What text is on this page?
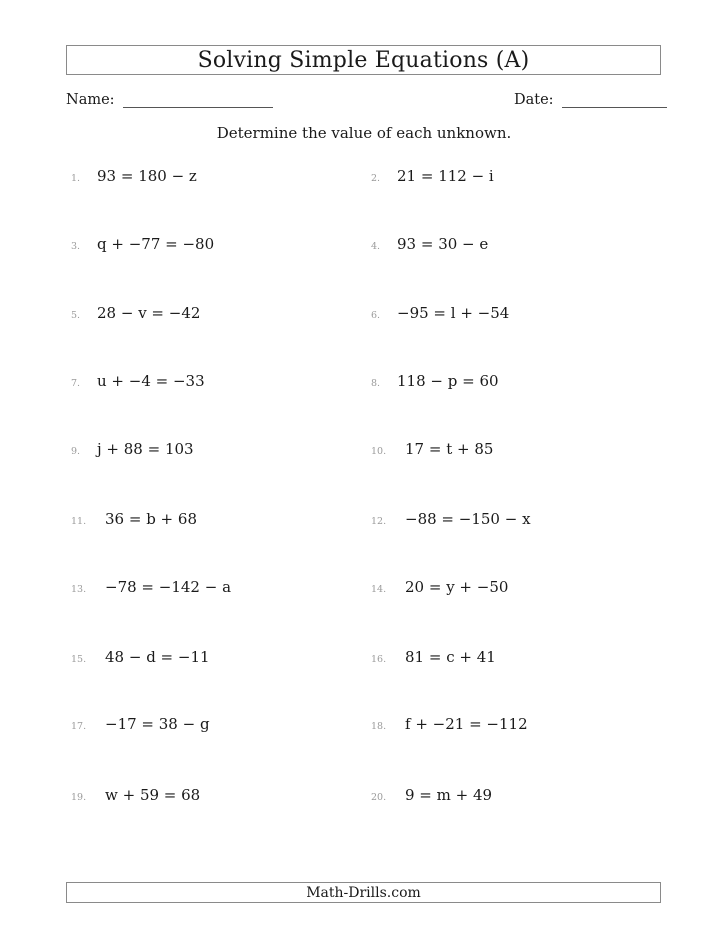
Solving Simple Equations (A)
Name:	Date:
Determine the value of each unknown.
1.	93 = 180 − z	2.	21 = 112 − i
3.	q + −77 = −80	4.	93 = 30 − e
5.	28 − v = −42	6.	−95 = l + −54
7.	u + −4 = −33	8.	118 − p = 60
9.	j + 88 = 103	10.	17 = t + 85
11.	36 = b + 68	12.	−88 = −150 − x
13.	−78 = −142 − a	14.	20 = y + −50
15.	48 − d = −11	16.	81 = c + 41
17.	−17 = 38 − g	18.	f + −21 = −112
19.	w + 59 = 68	20.	9 = m + 49
Math-Drills.com
